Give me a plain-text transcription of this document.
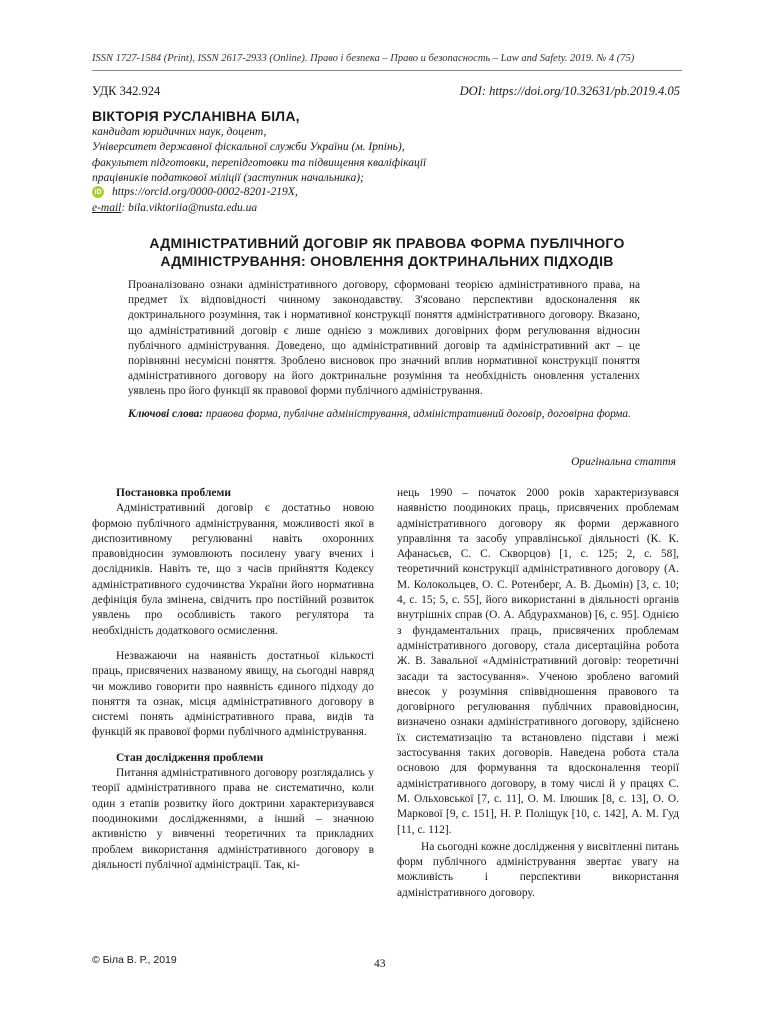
ISSN 1727-1584 (Print), ISSN 2617-2933 (Online). Право і безпека – Право и безопасность – Law and Safety. 2019. № 4 (75)
УДК 342.924	DOI: https://doi.org/10.32631/pb.2019.4.05
ВІКТОРІЯ РУСЛАНІВНА БІЛА,
кандидат юридичних наук, доцент,
Університет державної фіскальної служби України (м. Ірпінь),
факультет підготовки, перепідготовки та підвищення кваліфікації
працівників податкової міліції (заступник начальника);
iD https://orcid.org/0000-0002-8201-219X,
e-mail: bila.viktoriia@nusta.edu.ua
АДМІНІСТРАТИВНИЙ ДОГОВІР ЯК ПРАВОВА ФОРМА ПУБЛІЧНОГО
АДМІНІСТРУВАННЯ: ОНОВЛЕННЯ ДОКТРИНАЛЬНИХ ПІДХОДІВ
Проаналізовано ознаки адміністративного договору, сформовані теорією адміністративного права, на предмет їх відповідності чинному законодавству. З'ясовано перспективи вдосконалення як доктринального розуміння, так і нормативної конструкції поняття адміністративного договору. Вказано, що адміністративний договір є лише однією з можливих договірних форм регулювання відносин публічного адміністрування. Доведено, що адміністративний договір та адміністративний акт – це порівнянні несумісні поняття. Зроблено висновок про значний вплив нормативної конструкції поняття адміністративного договору на його доктринальне розуміння та необхідність оновлення усталених уявлень про його функції як правової форми публічного адміністрування.
Ключові слова: правова форма, публічне адміністрування, адміністративний договір, договірна форма.
Оригінальна стаття
Постановка проблеми

Адміністративний договір є достатньо новою формою публічного адміністрування, можливості якої в диспозитивному регулюванні навіть охоронних правовідносин зумовлюють посилену увагу вчених і дослідників. Навіть те, що з часів прийняття Кодексу адміністративного судочинства України його нормативна дефініція була змінена, свідчить про постійний розвиток уявлень про особливість такого регулятора та необхідність додаткового осмислення.

Незважаючи на наявність достатньої кількості праць, присвячених названому явищу, на сьогодні навряд чи можливо говорити про наявність єдиного підходу до поняття та ознак, місця адміністративного договору в системі понять адміністративного права, видів та функцій як правової форми публічного адміністрування.

Стан дослідження проблеми

Питання адміністративного договору розглядались у теорії адміністративного права не систематично, коли один з етапів розвитку його доктрини характеризувався поодинокими дослідженнями, а інший – значною активністю у вивченні теоретичних та прикладних проблем використання адміністративного договору в діяльності публічної адміністрації. Так, кі-

нець 1990 – початок 2000 років характеризувався наявністю поодиноких праць, присвячених проблемам адміністративного договору як форми державного управління та засобу управлінської діяльності (К. К. Афанасьєв, С. С. Скворцов) [1, с. 125; 2, с. 58], теоретичний конструкції адміністративного договору (А. М. Колокольцев, О. С. Ротенберг, А. В. Дьомін) [3, с. 10; 4, с. 15; 5, с. 55], його використанні в діяльності органів внутрішніх справ (О. А. Абдурахманов) [6, с. 95]. Однією з фундаментальних праць, присвячених проблемам адміністративного договору, стала дисертаційна робота Ж. В. Завальної «Адміністративний договір: теоретичні засади та застосування». Ученою зроблено вагомий внесок у розуміння співвідношення правового та договірного регулювання публічних правовідносин, визначено ознаки адміністративного договору, здійснено їх систематизацію та встановлено підстави і межі застосування таких договорів. Наведена робота стала основою для формування та вдосконалення теорії адміністративного договору, в тому числі й у працях С. М. Ольховської [7, с. 11], О. М. Ілюшик [8, с. 13], О. О. Маркової [9, с. 151], Н. Р. Поліщук [10, с. 142], А. М. Гуд [11, с. 112].

На сьогодні кожне дослідження у висвітленні питань форм публічного адміністрування звертає увагу на можливість і перспективи використання адміністративного договору.

© Біла В. Р., 2019	43
